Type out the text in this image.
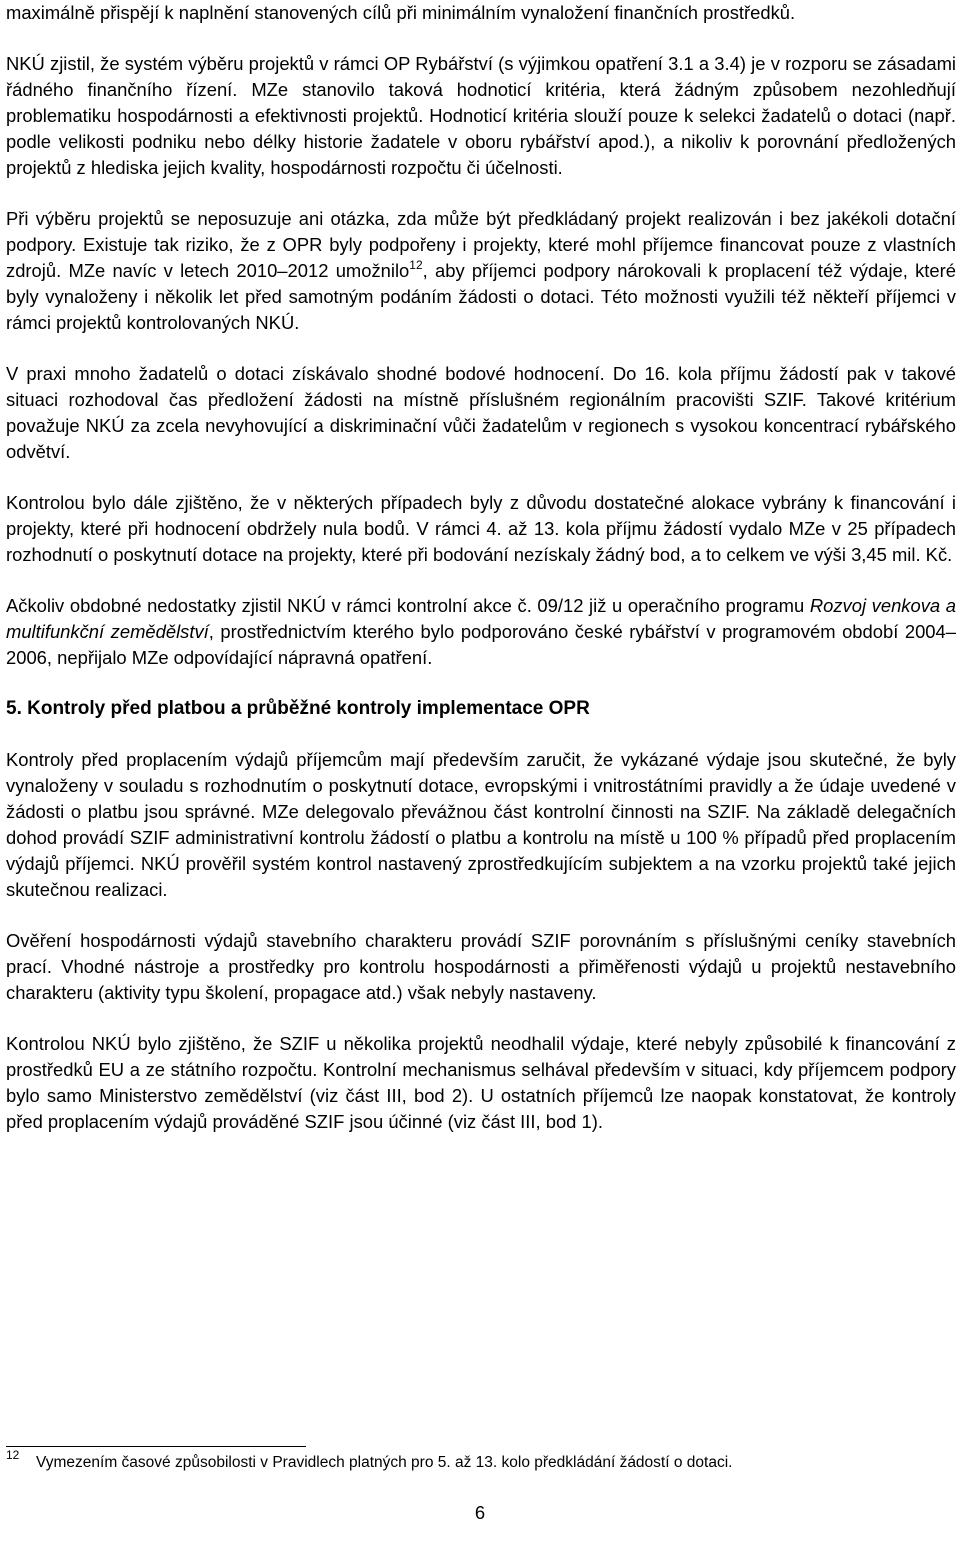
maximálně přispějí k naplnění stanovených cílů při minimálním vynaložení finančních prostředků.

NKÚ zjistil, že systém výběru projektů v rámci OP Rybářství (s výjimkou opatření 3.1 a 3.4) je v rozporu se zásadami řádného finančního řízení. MZe stanovilo taková hodnoticí kritéria, která žádným způsobem nezohledňují problematiku hospodárnosti a efektivnosti projektů. Hodnoticí kritéria slouží pouze k selekci žadatelů o dotaci (např. podle velikosti podniku nebo délky historie žadatele v oboru rybářství apod.), a nikoliv k porovnání předložených projektů z hlediska jejich kvality, hospodárnosti rozpočtu či účelnosti.

Při výběru projektů se neposuzuje ani otázka, zda může být předkládaný projekt realizován i bez jakékoli dotační podpory. Existuje tak riziko, že z OPR byly podpořeny i projekty, které mohl příjemce financovat pouze z vlastních zdrojů. MZe navíc v letech 2010–2012 umožnilo$^{12}$, aby příjemci podpory nárokovali k proplacení též výdaje, které byly vynaloženy i několik let před samotným podáním žádosti o dotaci. Této možnosti využili též někteří příjemci v rámci projektů kontrolovaných NKÚ.

V praxi mnoho žadatelů o dotaci získávalo shodné bodové hodnocení. Do 16. kola příjmu žádostí pak v takové situaci rozhodoval čas předložení žádosti na místně příslušném regionálním pracovišti SZIF. Takové kritérium považuje NKÚ za zcela nevyhovující a diskriminační vůči žadatelům v regionech s vysokou koncentrací rybářského odvětví.

Kontrolou bylo dále zjištěno, že v některých případech byly z důvodu dostatečné alokace vybrány k financování i projekty, které při hodnocení obdržely nula bodů. V rámci 4. až 13. kola příjmu žádostí vydalo MZe v 25 případech rozhodnutí o poskytnutí dotace na projekty, které při bodování nezískaly žádný bod, a to celkem ve výši 3,45 mil. Kč.

Ačkoliv obdobné nedostatky zjistil NKÚ v rámci kontrolní akce č. 09/12 již u operačního programu Rozvoj venkova a multifunkční zemědělství, prostřednictvím kterého bylo podporováno české rybářství v programovém období 2004–2006, nepřijalo MZe odpovídající nápravná opatření.

5. Kontroly před platbou a průběžné kontroly implementace OPR

Kontroly před proplacením výdajů příjemcům mají především zaručit, že vykázané výdaje jsou skutečné, že byly vynaloženy v souladu s rozhodnutím o poskytnutí dotace, evropskými i vnitrostátními pravidly a že údaje uvedené v žádosti o platbu jsou správné. MZe delegovalo převážnou část kontrolní činnosti na SZIF. Na základě delegačních dohod provádí SZIF administrativní kontrolu žádostí o platbu a kontrolu na místě u 100 % případů před proplacením výdajů příjemci. NKÚ prověřil systém kontrol nastavený zprostředkujícím subjektem a na vzorku projektů také jejich skutečnou realizaci.

Ověření hospodárnosti výdajů stavebního charakteru provádí SZIF porovnáním s příslušnými ceníky stavebních prací. Vhodné nástroje a prostředky pro kontrolu hospodárnosti a přiměřenosti výdajů u projektů nestavebního charakteru (aktivity typu školení, propagace atd.) však nebyly nastaveny.

Kontrolou NKÚ bylo zjištěno, že SZIF u několika projektů neodhalil výdaje, které nebyly způsobilé k financování z prostředků EU a ze státního rozpočtu. Kontrolní mechanismus selhával především v situaci, kdy příjemcem podpory bylo samo Ministerstvo zemědělství (viz část III, bod 2). U ostatních příjemců lze naopak konstatovat, že kontroly před proplacením výdajů prováděné SZIF jsou účinné (viz část III, bod 1).

12 Vymezením časové způsobilosti v Pravidlech platných pro 5. až 13. kolo předkládání žádostí o dotaci.
6
